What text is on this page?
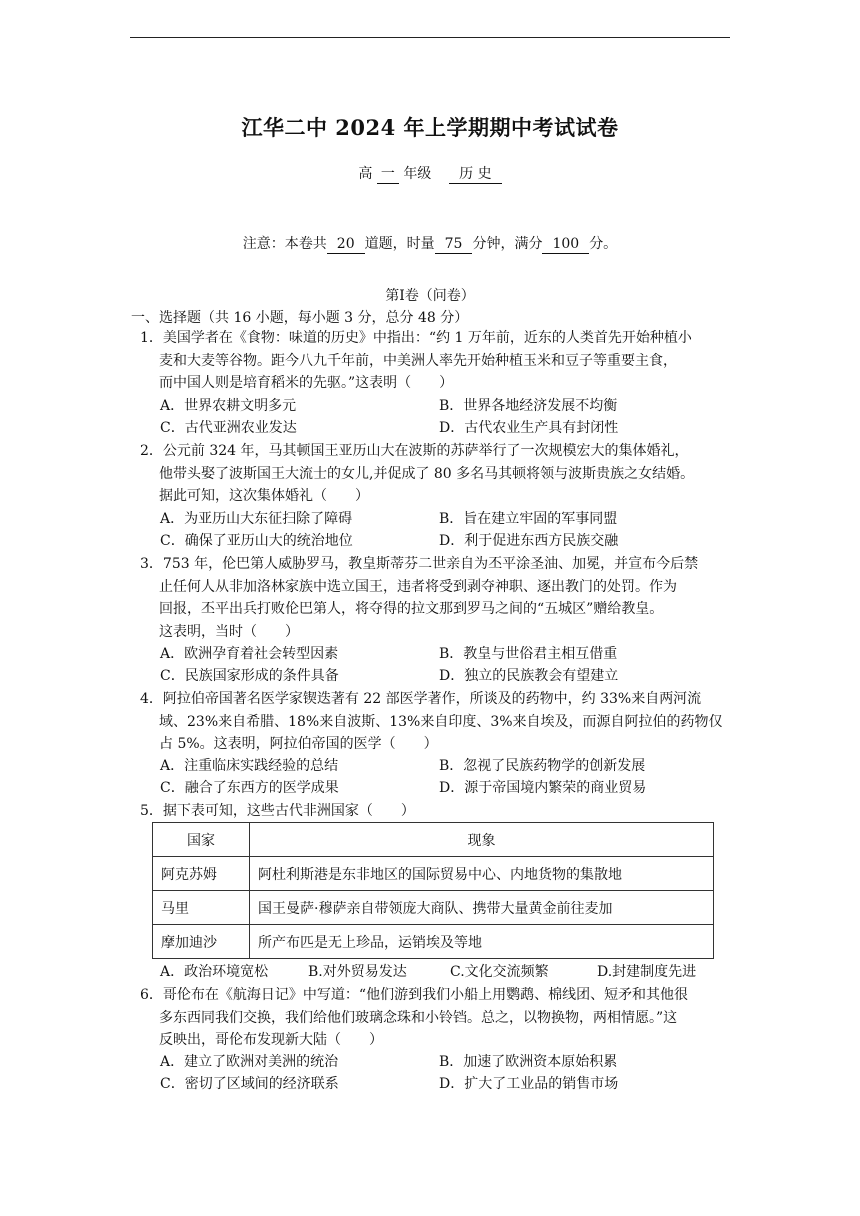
江华二中 2024 年上学期期中考试试卷
高 一 年级 历 史
注意：本卷共 20 道题，时量 75 分钟，满分 100 分。
第Ⅰ卷（问卷）
一、选择题（共 16 小题，每小题 3 分，总分 48 分）
1．美国学者在《食物：味道的历史》中指出：“约 1 万年前，近东的人类首先开始种植小
麦和大麦等谷物。距今八九千年前，中美洲人率先开始种植玉米和豆子等重要主食，
而中国人则是培育稻米的先驱。”这表明（　　）
A．世界农耕文明多元	B．世界各地经济发展不均衡
C．古代亚洲农业发达	D．古代农业生产具有封闭性
2．公元前 324 年，马其顿国王亚历山大在波斯的苏萨举行了一次规模宏大的集体婚礼，
他带头娶了波斯国王大流士的女儿,并促成了 80 多名马其顿将领与波斯贵族之女结婚。
据此可知，这次集体婚礼（　　）
A．为亚历山大东征扫除了障碍	B．旨在建立牢固的军事同盟
C．确保了亚历山大的统治地位	D．利于促进东西方民族交融
3．753 年，伦巴第人威胁罗马，教皇斯蒂芬二世亲自为丕平涂圣油、加冕，并宣布今后禁
止任何人从非加洛林家族中选立国王，违者将受到剥夺神职、逐出教门的处罚。作为
回报，丕平出兵打败伦巴第人，将夺得的拉文那到罗马之间的“五城区”赠给教皇。
这表明，当时（　　）
A．欧洲孕育着社会转型因素	B．教皇与世俗君主相互借重
C．民族国家形成的条件具备	D．独立的民族教会有望建立
4．阿拉伯帝国著名医学家锲迭著有 22 部医学著作，所谈及的药物中，约 33%来自两河流
域、23%来自希腊、18%来自波斯、13%来自印度、3%来自埃及，而源自阿拉伯的药物仅
占 5%。这表明，阿拉伯帝国的医学（　　）
A．注重临床实践经验的总结	B．忽视了民族药物学的创新发展
C．融合了东西方的医学成果	D．源于帝国境内繁荣的商业贸易
5．据下表可知，这些古代非洲国家（　　）
国家	现象
阿克苏姆	阿杜利斯港是东非地区的国际贸易中心、内地货物的集散地
马里	国王曼萨·穆萨亲自带领庞大商队、携带大量黄金前往麦加
摩加迪沙	所产布匹是无上珍品，运销埃及等地
A．政治环境宽松	B.对外贸易发达	C.文化交流频繁	D.封建制度先进
6．哥伦布在《航海日记》中写道：“他们游到我们小船上用鹦鹉、棉线团、短矛和其他很
多东西同我们交换，我们给他们玻璃念珠和小铃铛。总之，以物换物，两相情愿。”这
反映出，哥伦布发现新大陆（　　）
A．建立了欧洲对美洲的统治	B．加速了欧洲资本原始积累
C．密切了区域间的经济联系	D．扩大了工业品的销售市场
